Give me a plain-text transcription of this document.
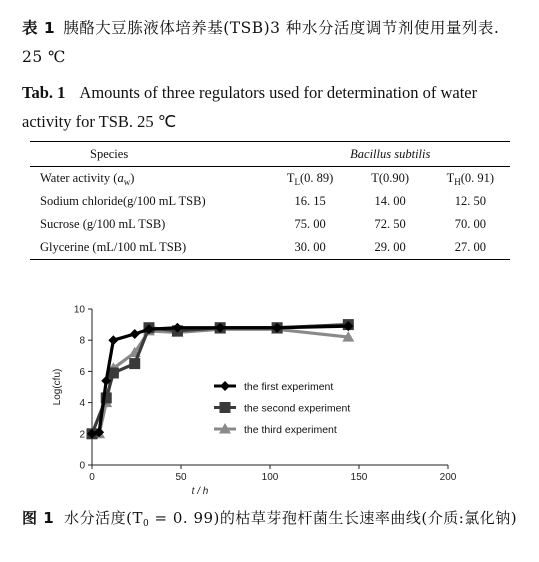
表 1 胰酪大豆胨液体培养基(TSB)3 种水分活度调节剂使用量列表. 25 ℃
Tab. 1 Amounts of three regulators used for determination of water activity for TSB. 25 ℃
Species	Bacillus subtilis		
Water activity $(a_w)$	$T_L(0$. 89)	T(0.90)	$T_H(0$. 91)
Sodium chloride(g/100 mL TSB)	16. 15	14. 00	12. 50
Sucrose (g/100 mL TSB)	75. 00	72. 50	70. 00
Glycerine (mL/100 mL TSB)	30. 00	29. 00	27. 00
0	50	100	150	200
0
2
4
6
8
10
t / h
Log(cfu)	the first experiment
the second experiment
the third experiment
图 1 水分活度($T_0 = 0$. 99)的枯草芽孢杆菌生长速率曲线(介质:氯化钠)
